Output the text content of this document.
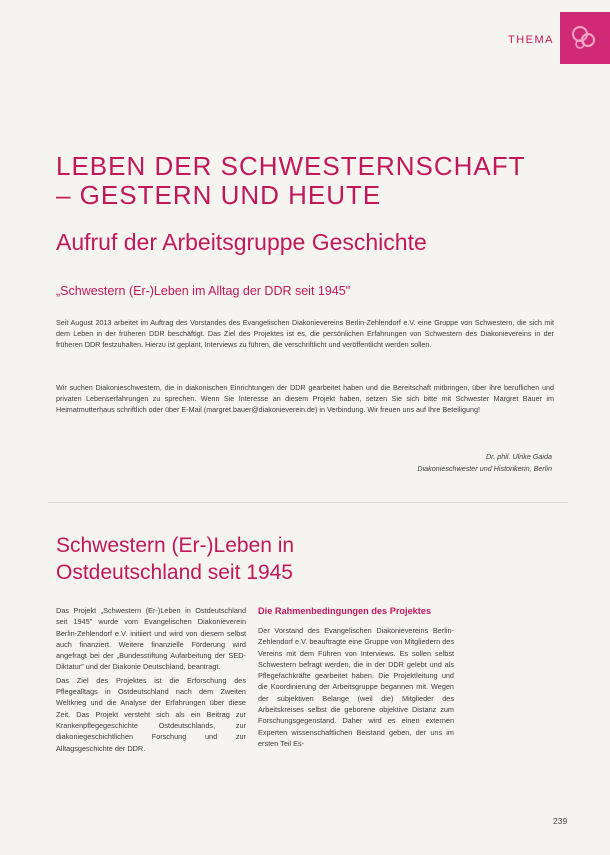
THEMA
LEBEN DER SCHWESTERNSCHAFT
– GESTERN UND HEUTE
Aufruf der Arbeitsgruppe Geschichte
„Schwestern (Er-)Leben im Alltag der DDR seit 1945"

Seit August 2013 arbeitet im Auftrag des Vorstandes des Evangelischen Diakonievereins Berlin-Zehlendorf e.V. eine Gruppe von Schwestern, die sich mit dem Leben in der früheren DDR beschäftigt. Das Ziel des Projektes ist es, die persönlichen Erfahrungen von Schwestern des Diakonievereins in der früheren DDR festzuhalten. Hierzu ist geplant, Interviews zu führen, die verschriftlicht und veröffentlicht werden sollen.

Wir suchen Diakonieschwestern, die in diakonischen Einrichtungen der DDR gearbeitet haben und die Bereitschaft mitbringen, über ihre beruflichen und privaten Lebenserfahrungen zu sprechen. Wenn Sie Interesse an diesem Projekt haben, setzen Sie sich bitte mit Schwester Margret Bauer im Heimatmutterhaus schriftlich oder über E-Mail (margret.bauer@diakonieverein.de) in Verbindung. Wir freuen uns auf Ihre Beteiligung!

Dr. phil. Ulrike Gaida

Diakonieschwester und Historikerin, Berlin

Schwestern (Er-)Leben in
Ostdeutschland seit 1945

Das Projekt „Schwestern (Er-)Leben in Ostdeutschland seit 1945" wurde vom Evangelischen Diakonieverein Berlin-Zehlendorf e.V. initiiert und wird von diesem selbst auch finanziert. Weitere finanzielle Förderung wird angefragt bei der „Bundesstiftung Aufarbeitung der SED-Diktatur" und der Diakonie Deutschland, beantragt.

Das Ziel des Projektes ist die Erforschung des Pflegealltags in Ostdeutschland nach dem Zweiten Weltkrieg und die Analyse der Erfahrungen über diese Zeit. Das Projekt versteht sich als ein Beitrag zur Krankenpflegegeschichte Ostdeutschlands, zur diakoniegeschichtlichen Forschung und zur Alltagsgeschichte der DDR.

Die Rahmenbedingungen des Projektes

Der Vorstand des Evangelischen Diakonievereins Berlin-Zehlendorf e.V. beauftragte eine Gruppe von Mitgliedern des Vereins mit dem Führen von Interviews. Es sollen selbst Schwestern befragt werden, die in der DDR gelebt und als Pflegefachkräfte gearbeitet haben. Die Projektleitung und die Koordinierung der Arbeitsgruppe begannen mit. Wegen der subjektiven Belange (weil die) Mitglieder des Arbeitskreises selbst die geborene objektive Distanz zum Forschungsgegenstand. Daher wird es einen externen Experten wissenschaftlichen Beistand geben, der uns im ersten Teil Es-

239
